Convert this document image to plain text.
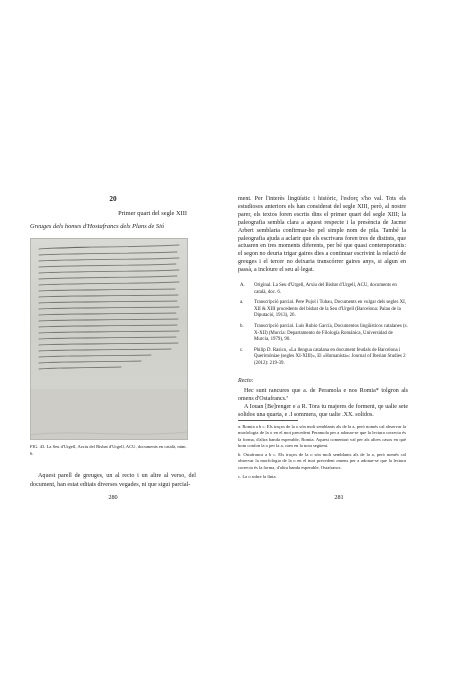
20
Primer quart del segle XIII
Greuges dels homes d'Hostafrancs dels Plans de Sió
FIG. 43. La Seu d'Urgell, Arxiu del Bisbat d'Urgell, ACU, documents en català, núm. 6.
Aquest parell de greuges, un al recto i un altre al verso, del document, han estat editats diverses vegades, ni que sigui parcial-
280
ment. Per l'interès lingüístic i històric, l'esforç s'ho val. Tots els estudiosos anteriors els han considerat del segle XIII, però, al nostre parer, els textos foren escrits dins el primer quart del segle XIII; la paleografia sembla clara a aquest respecte i la presència de Jacme Arbert semblaria confirmar-ho pel simple nom de pila. També la paleografia ajuda a aclarir que els escrivans foren tres de distints, que actuaren en tres moments diferents, per bé que quasi contemporanis: el segon no deuria trigar gaires dies a continuar escrivint la relació de greuges i el tercer no deixaria transcórrer gaires anys, si algun en passà, a incloure el seu al·legat.
A.	Original. La Seu d'Urgell, Arxiu del Bisbat d'Urgell, ACU, documents en català, doc. 6.
a.	Transcripció parcial. Pere Pujol i Tubau, Documents en vulgar dels segles XI, XII & XIII procedents del bisbat de la Seu d'Urgell (Barcelona: Palau de la Diputació, 1913), 26.
b.	Transcripció parcial. Luis Rubio García, Documentos lingüísticos catalanes (s. X-XII) (Murcia: Departamento de Filología Románica, Universidad de Murcia, 1979), 90.
c.	Philip D. Rasico, «La llengua catalana en document feudals de Barcelona i Querimòniae (segles XI-XIII)», El «Humanista»: Journal of Iberian Studies 2 (2012): 219-39.
Recto:

Hec sunt rancures que a. de Peramola e nos Romia* tolgron als omens d'Ostafrancs.ª

A Iouan [Be]renger e a R. Tora tu majeres de forment, qe ualie sete solidos una quarta, e .I sommera, que ualie .XX. solidos.

a. Romia a b c. Els traços de la o són molt semblants als de la a, però només cal observar la morfologia de la o en el mot precedent Peramola per a adonar-se que la lectura correcta és la forma, d'altra banda esperable, Romia. Aquest comentari val per als altres casos en què hom confon la o per la a, com en la nota següent.

b. Ostafranca a b c. Els traços de la o són molt semblants als de la a, però només cal observar la morfologia de la o en el mot precedent omens per a adonar-se que la lectura correcta és la forma, d'altra banda esperable, Ostafrancs.

c. La o sobre la línia.

281
